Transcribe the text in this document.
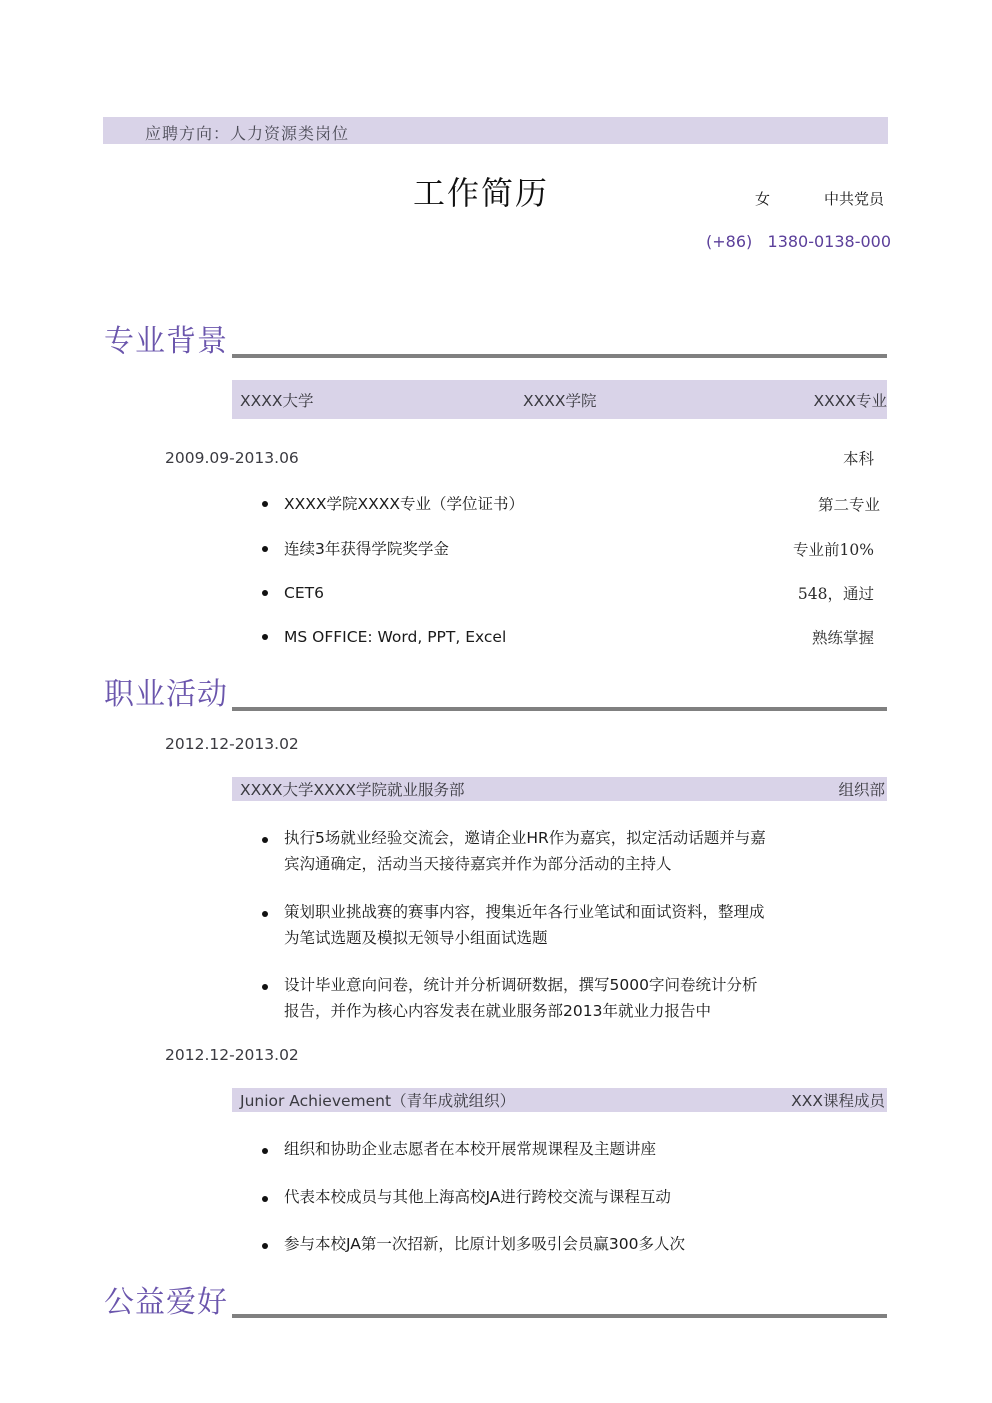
应聘方向：人力资源类岗位
工作简历	女	中共党员
(+86)   1380-0138-000
专业背景
XXXX大学	XXXX学院	XXXX专业
2009.09-2013.06	本科
XXXX学院XXXX专业（学位证书）	第二专业
连续3年获得学院奖学金	专业前10%
CET6	548，通过
MS OFFICE: Word, PPT, Excel	熟练掌握
职业活动
2012.12-2013.02
XXXX大学XXXX学院就业服务部	组织部
执行5场就业经验交流会，邀请企业HR作为嘉宾，拟定活动话题并与嘉
宾沟通确定，活动当天接待嘉宾并作为部分活动的主持人
策划职业挑战赛的赛事内容，搜集近年各行业笔试和面试资料，整理成
为笔试选题及模拟无领导小组面试选题
设计毕业意向问卷，统计并分析调研数据，撰写5000字问卷统计分析
报告，并作为核心内容发表在就业服务部2013年就业力报告中
2012.12-2013.02
Junior Achievement（青年成就组织）	XXX课程成员
组织和协助企业志愿者在本校开展常规课程及主题讲座
代表本校成员与其他上海高校JA进行跨校交流与课程互动
参与本校JA第一次招新，比原计划多吸引会员赢300多人次
公益爱好
